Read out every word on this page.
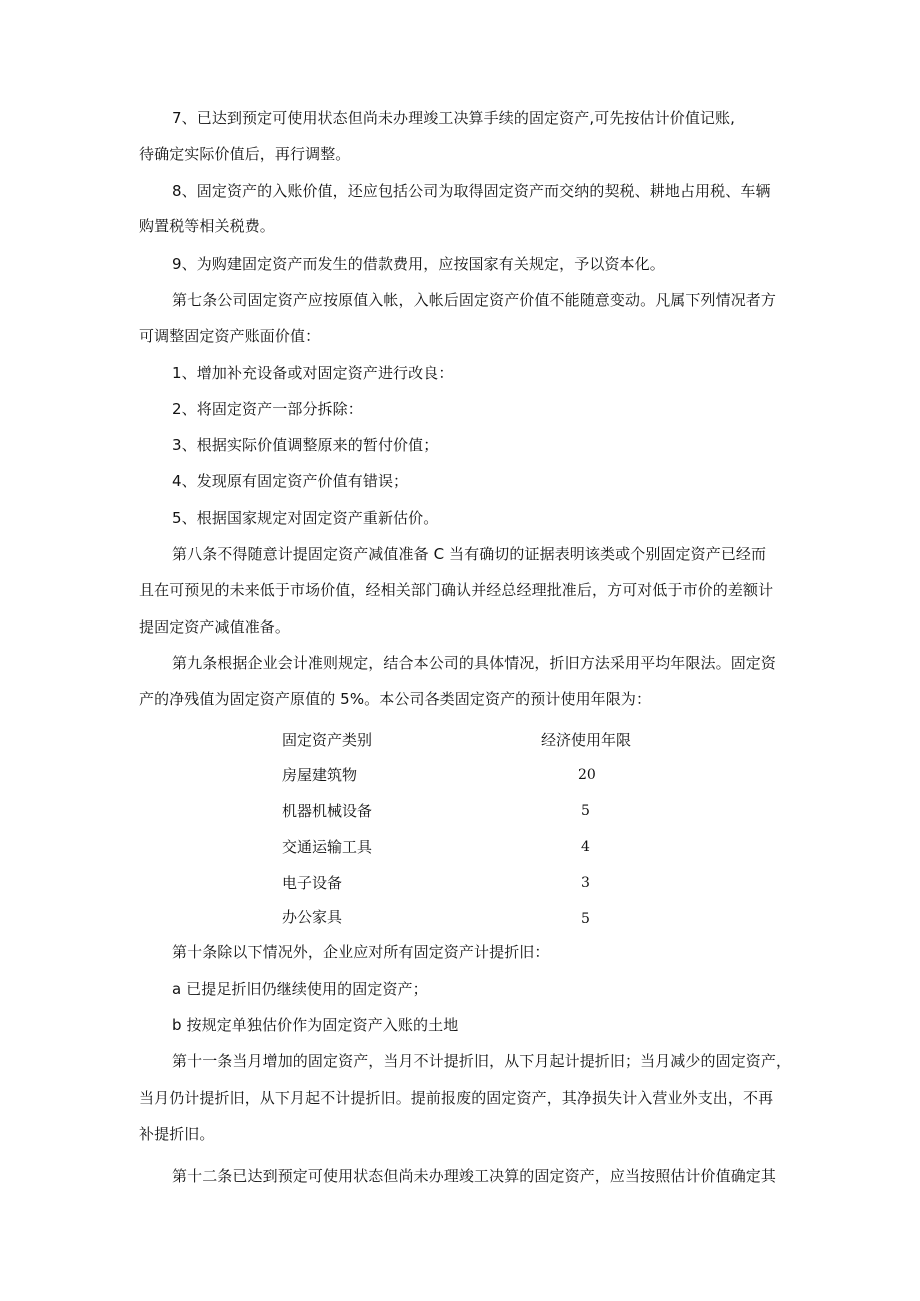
7、已达到预定可使用状态但尚未办理竣工决算手续的固定资产,可先按估计价值记账,
待确定实际价值后，再行调整。
8、固定资产的入账价值，还应包括公司为取得固定资产而交纳的契税、耕地占用税、车辆
购置税等相关税费。
9、为购建固定资产而发生的借款费用，应按国家有关规定，予以资本化。
第七条公司固定资产应按原值入帐，入帐后固定资产价值不能随意变动。凡属下列情况者方
可调整固定资产账面价值：
1、增加补充设备或对固定资产进行改良：
2、将固定资产一部分拆除：
3、根据实际价值调整原来的暂付价值；
4、发现原有固定资产价值有错误；
5、根据国家规定对固定资产重新估价。
第八条不得随意计提固定资产减值准备 C 当有确切的证据表明该类或个别固定资产已经而
且在可预见的未来低于市场价值，经相关部门确认并经总经理批准后，方可对低于市价的差额计
提固定资产减值准备。
第九条根据企业会计准则规定，结合本公司的具体情况，折旧方法采用平均年限法。固定资
产的净残值为固定资产原值的 5%。本公司各类固定资产的预计使用年限为：
固定资产类别	经济使用年限
房屋建筑物	20
机器机械设备	5
交通运输工具	4
电子设备	3
办公家具	5
第十条除以下情况外，企业应对所有固定资产计提折旧：
a 已提足折旧仍继续使用的固定资产；
b 按规定单独估价作为固定资产入账的土地
第十一条当月增加的固定资产，当月不计提折旧，从下月起计提折旧；当月减少的固定资产，
当月仍计提折旧，从下月起不计提折旧。提前报废的固定资产，其净损失计入营业外支出，不再
补提折旧。
第十二条已达到预定可使用状态但尚未办理竣工决算的固定资产，应当按照估计价值确定其
